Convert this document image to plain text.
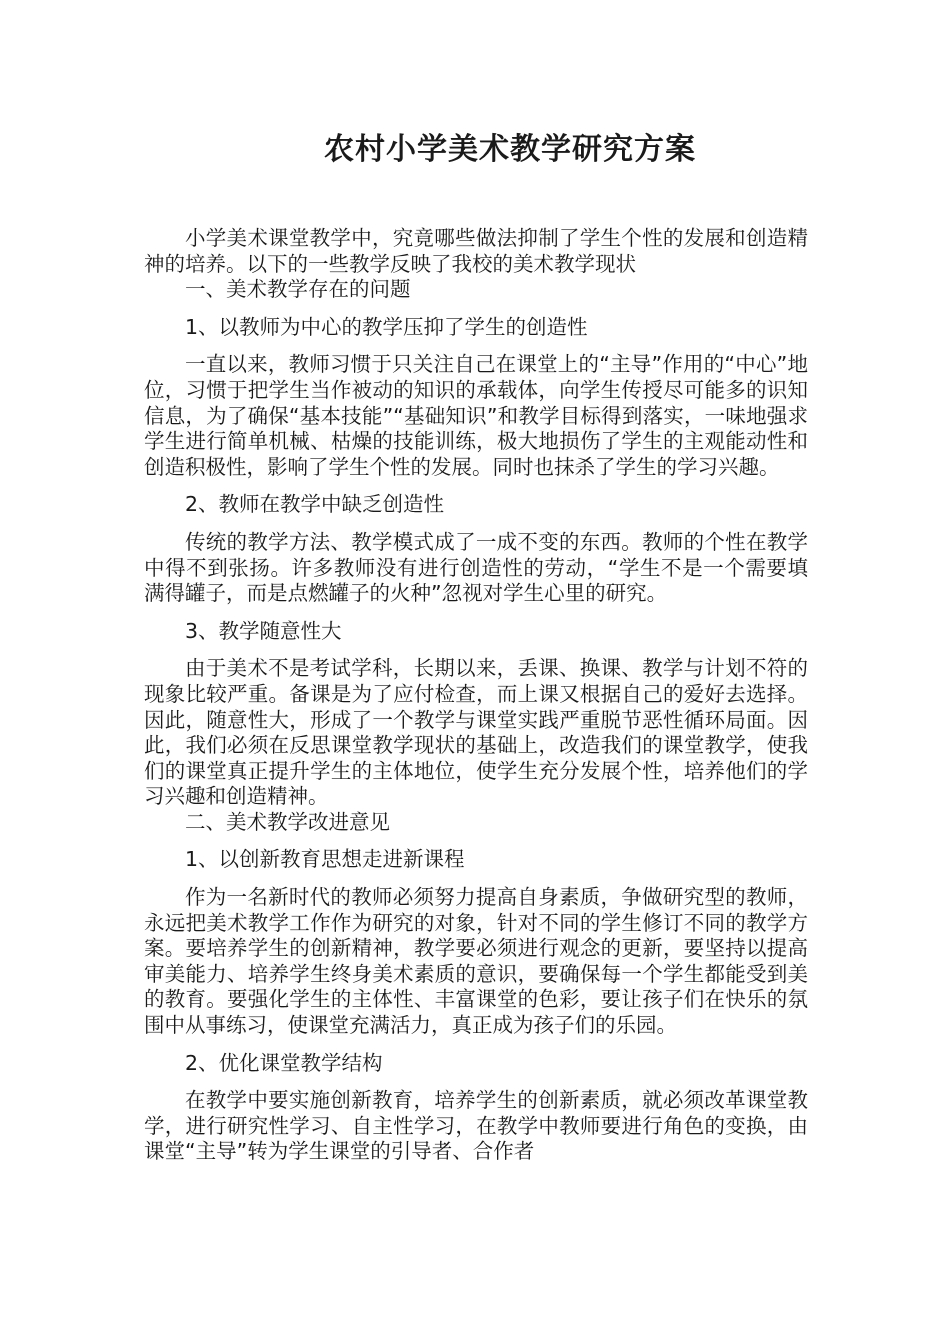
农村小学美术教学研究方案

小学美术课堂教学中，究竟哪些做法抑制了学生个性的发展和创造精神的培养。以下的一些教学反映了我校的美术教学现状

一、美术教学存在的问题

1、以教师为中心的教学压抑了学生的创造性

一直以来，教师习惯于只关注自己在课堂上的“主导”作用的“中心”地位，习惯于把学生当作被动的知识的承载体，向学生传授尽可能多的识知信息，为了确保“基本技能”“基础知识”和教学目标得到落实，一味地强求学生进行简单机械、枯燥的技能训练，极大地损伤了学生的主观能动性和创造积极性，影响了学生个性的发展。同时也抹杀了学生的学习兴趣。

2、教师在教学中缺乏创造性

传统的教学方法、教学模式成了一成不变的东西。教师的个性在教学中得不到张扬。许多教师没有进行创造性的劳动，“学生不是一个需要填满得罐子，而是点燃罐子的火种”忽视对学生心里的研究。

3、教学随意性大

由于美术不是考试学科，长期以来，丢课、换课、教学与计划不符的现象比较严重。备课是为了应付检查，而上课又根据自己的爱好去选择。因此，随意性大，形成了一个教学与课堂实践严重脱节恶性循环局面。因此，我们必须在反思课堂教学现状的基础上，改造我们的课堂教学，使我们的课堂真正提升学生的主体地位，使学生充分发展个性，培养他们的学习兴趣和创造精神。

二、美术教学改进意见

1、以创新教育思想走进新课程

作为一名新时代的教师必须努力提高自身素质，争做研究型的教师，永远把美术教学工作作为研究的对象，针对不同的学生修订不同的教学方案。要培养学生的创新精神，教学要必须进行观念的更新，要坚持以提高审美能力、培养学生终身美术素质的意识，要确保每一个学生都能受到美的教育。要强化学生的主体性、丰富课堂的色彩，要让孩子们在快乐的氛围中从事练习，使课堂充满活力，真正成为孩子们的乐园。

2、优化课堂教学结构

在教学中要实施创新教育，培养学生的创新素质，就必须改革课堂教学，进行研究性学习、自主性学习，在教学中教师要进行角色的变换，由课堂“主导”转为学生课堂的引导者、合作者
